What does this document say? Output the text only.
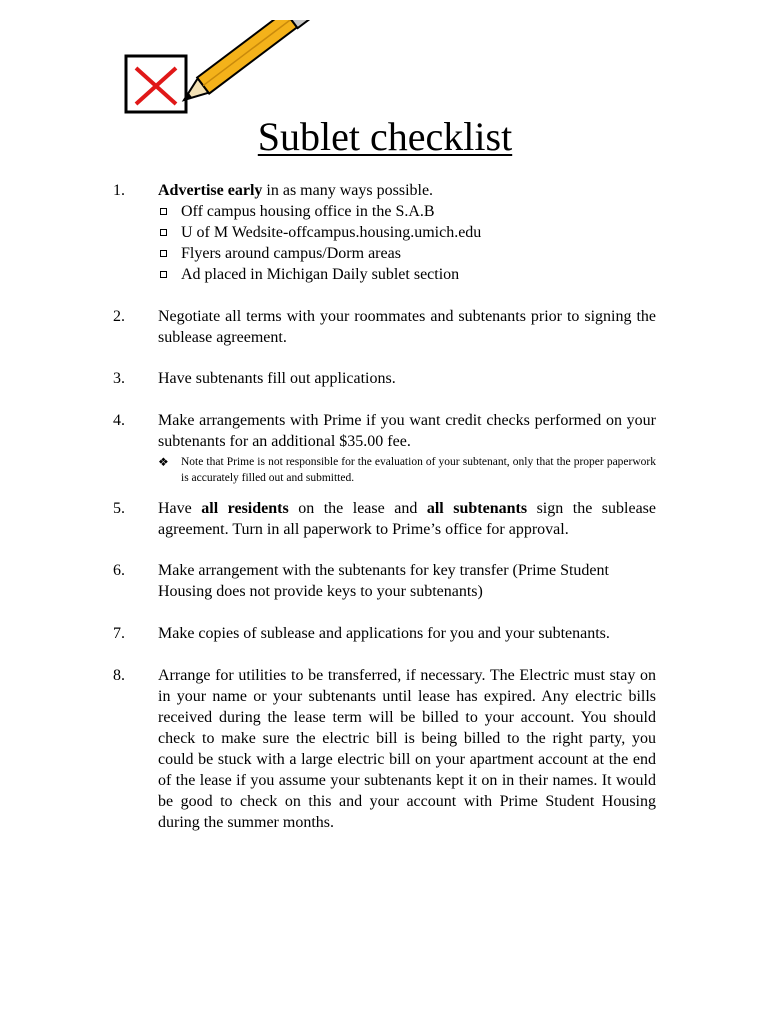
Sublet checklist
1. Advertise early in as many ways possible.
Off campus housing office in the S.A.B
U of M Wedsite-offcampus.housing.umich.edu
Flyers around campus/Dorm areas
Ad placed in Michigan Daily sublet section
2. Negotiate all terms with your roommates and subtenants prior to signing the sublease agreement.
3. Have subtenants fill out applications.
4. Make arrangements with Prime if you want credit checks performed on your subtenants for an additional $35.00 fee.
❖ Note that Prime is not responsible for the evaluation of your subtenant, only that the proper paperwork is accurately filled out and submitted.
5. Have all residents on the lease and all subtenants sign the sublease agreement. Turn in all paperwork to Prime’s office for approval.
6. Make arrangement with the subtenants for key transfer (Prime Student Housing does not provide keys to your subtenants)
7. Make copies of sublease and applications for you and your subtenants.
8. Arrange for utilities to be transferred, if necessary. The Electric must stay on in your name or your subtenants until lease has expired. Any electric bills received during the lease term will be billed to your account. You should check to make sure the electric bill is being billed to the right party, you could be stuck with a large electric bill on your apartment account at the end of the lease if you assume your subtenants kept it on in their names. It would be good to check on this and your account with Prime Student Housing during the summer months.
